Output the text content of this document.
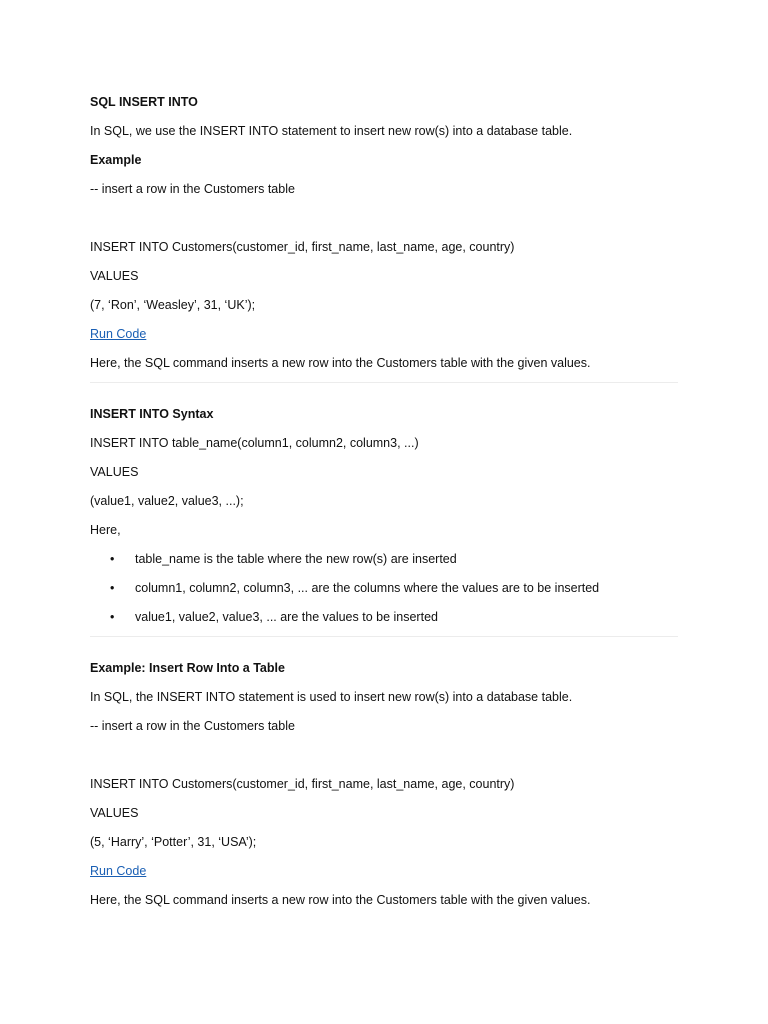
SQL INSERT INTO
In SQL, we use the INSERT INTO statement to insert new row(s) into a database table.
Example
-- insert a row in the Customers table
INSERT INTO Customers(customer_id, first_name, last_name, age, country)
VALUES
(7, ‘Ron’, ‘Weasley’, 31, ‘UK’);
Run Code
Here, the SQL command inserts a new row into the Customers table with the given values.
INSERT INTO Syntax
INSERT INTO table_name(column1, column2, column3, ...)
VALUES
(value1, value2, value3, ...);
Here,
• table_name is the table where the new row(s) are inserted
• column1, column2, column3, ... are the columns where the values are to be inserted
• value1, value2, value3, ... are the values to be inserted
Example: Insert Row Into a Table
In SQL, the INSERT INTO statement is used to insert new row(s) into a database table.
-- insert a row in the Customers table
INSERT INTO Customers(customer_id, first_name, last_name, age, country)
VALUES
(5, ‘Harry’, ‘Potter’, 31, ‘USA’);
Run Code
Here, the SQL command inserts a new row into the Customers table with the given values.
